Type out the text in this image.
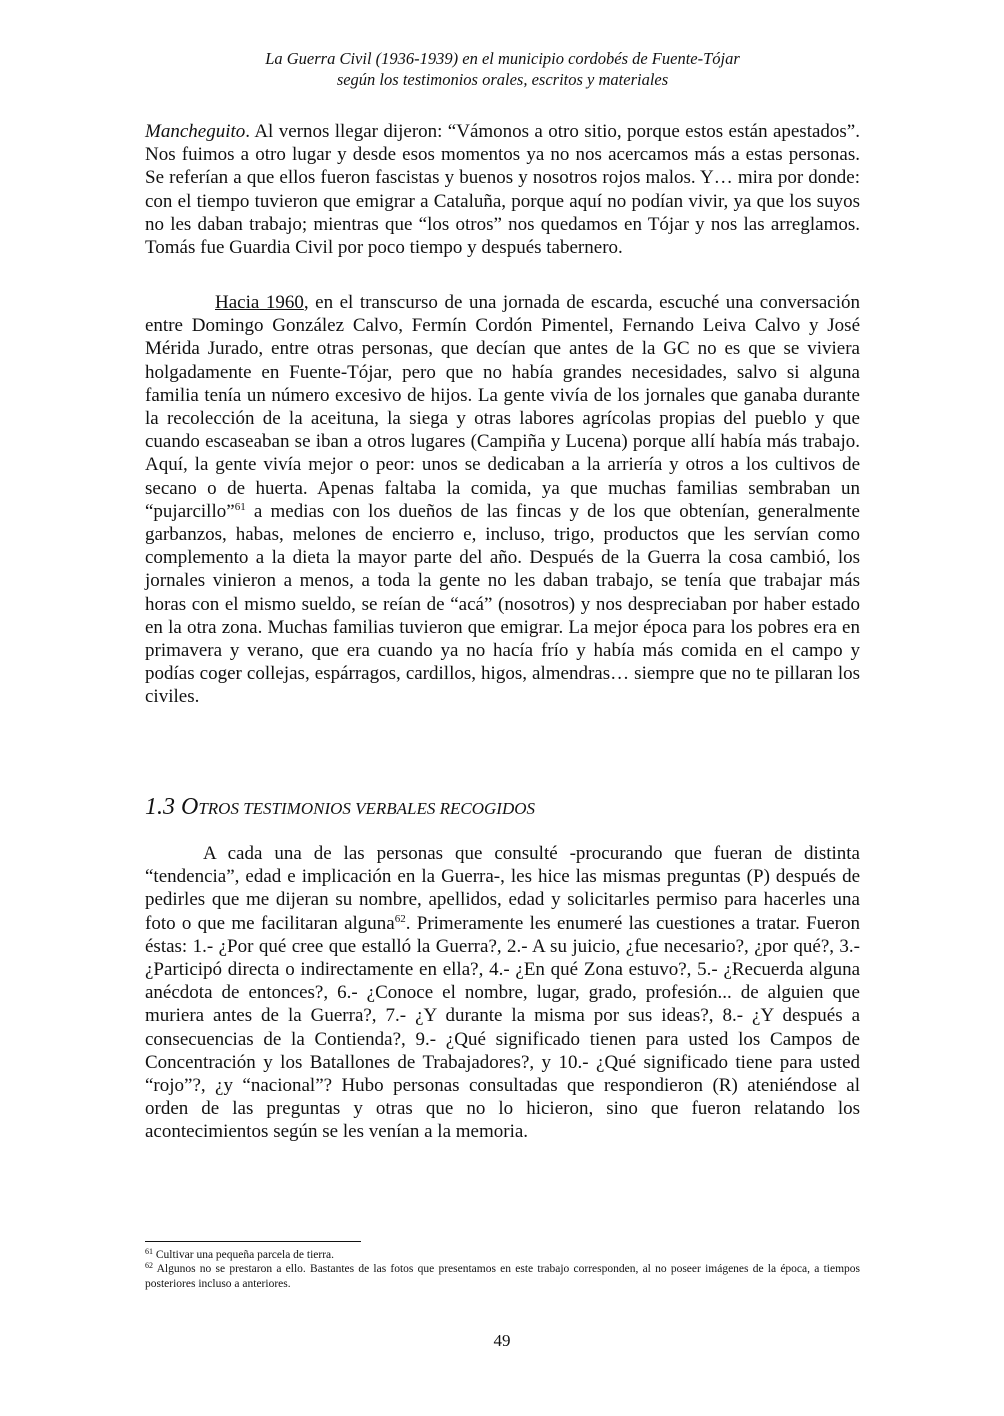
La Guerra Civil (1936-1939) en el municipio cordobés de Fuente-Tójar
según los testimonios orales, escritos y materiales

Mancheguito. Al vernos llegar dijeron: “Vámonos a otro sitio, porque estos están apestados”. Nos fuimos a otro lugar y desde esos momentos ya no nos acercamos más a estas personas. Se referían a que ellos fueron fascistas y buenos y nosotros rojos malos. Y… mira por donde: con el tiempo tuvieron que emigrar a Cataluña, porque aquí no podían vivir, ya que los suyos no les daban trabajo; mientras que “los otros” nos quedamos en Tójar y nos las arreglamos. Tomás fue Guardia Civil por poco tiempo y después tabernero.

Hacia 1960, en el transcurso de una jornada de escarda, escuché una conversación entre Domingo González Calvo, Fermín Cordón Pimentel, Fernando Leiva Calvo y José Mérida Jurado, entre otras personas, que decían que antes de la GC no es que se viviera holgadamente en Fuente-Tójar, pero que no había grandes necesidades, salvo si alguna familia tenía un número excesivo de hijos. La gente vivía de los jornales que ganaba durante la recolección de la aceituna, la siega y otras labores agrícolas propias del pueblo y que cuando escaseaban se iban a otros lugares (Campiña y Lucena) porque allí había más trabajo. Aquí, la gente vivía mejor o peor: unos se dedicaban a la arriería y otros a los cultivos de secano o de huerta. Apenas faltaba la comida, ya que muchas familias sembraban un “pujarcillo”$^{61}$ a medias con los dueños de las fincas y de los que obtenían, generalmente garbanzos, habas, melones de encierro e, incluso, trigo, productos que les servían como complemento a la dieta la mayor parte del año. Después de la Guerra la cosa cambió, los jornales vinieron a menos, a toda la gente no les daban trabajo, se tenía que trabajar más horas con el mismo sueldo, se reían de “acá” (nosotros) y nos despreciaban por haber estado en la otra zona. Muchas familias tuvieron que emigrar. La mejor época para los pobres era en primavera y verano, que era cuando ya no hacía frío y había más comida en el campo y podías coger collejas, espárragos, cardillos, higos, almendras… siempre que no te pillaran los civiles.

1.3 OTROS TESTIMONIOS VERBALES RECOGIDOS

A cada una de las personas que consulté -procurando que fueran de distinta “tendencia”, edad e implicación en la Guerra-, les hice las mismas preguntas (P) después de pedirles que me dijeran su nombre, apellidos, edad y solicitarles permiso para hacerles una foto o que me facilitaran alguna$^{62}$. Primeramente les enumeré las cuestiones a tratar. Fueron éstas: 1.- ¿Por qué cree que estalló la Guerra?, 2.- A su juicio, ¿fue necesario?, ¿por qué?, 3.- ¿Participó directa o indirectamente en ella?, 4.- ¿En qué Zona estuvo?, 5.- ¿Recuerda alguna anécdota de entonces?, 6.- ¿Conoce el nombre, lugar, grado, profesión... de alguien que muriera antes de la Guerra?, 7.- ¿Y durante la misma por sus ideas?, 8.- ¿Y después a consecuencias de la Contienda?, 9.- ¿Qué significado tienen para usted los Campos de Concentración y los Batallones de Trabajadores?, y 10.- ¿Qué significado tiene para usted “rojo”?, ¿y “nacional”? Hubo personas consultadas que respondieron (R) ateniéndose al orden de las preguntas y otras que no lo hicieron, sino que fueron relatando los acontecimientos según se les venían a la memoria.

$^{61}$ Cultivar una pequeña parcela de tierra.

$^{62}$ Algunos no se prestaron a ello. Bastantes de las fotos que presentamos en este trabajo corresponden, al no poseer imágenes de la época, a tiempos posteriores incluso a anteriores.

49
